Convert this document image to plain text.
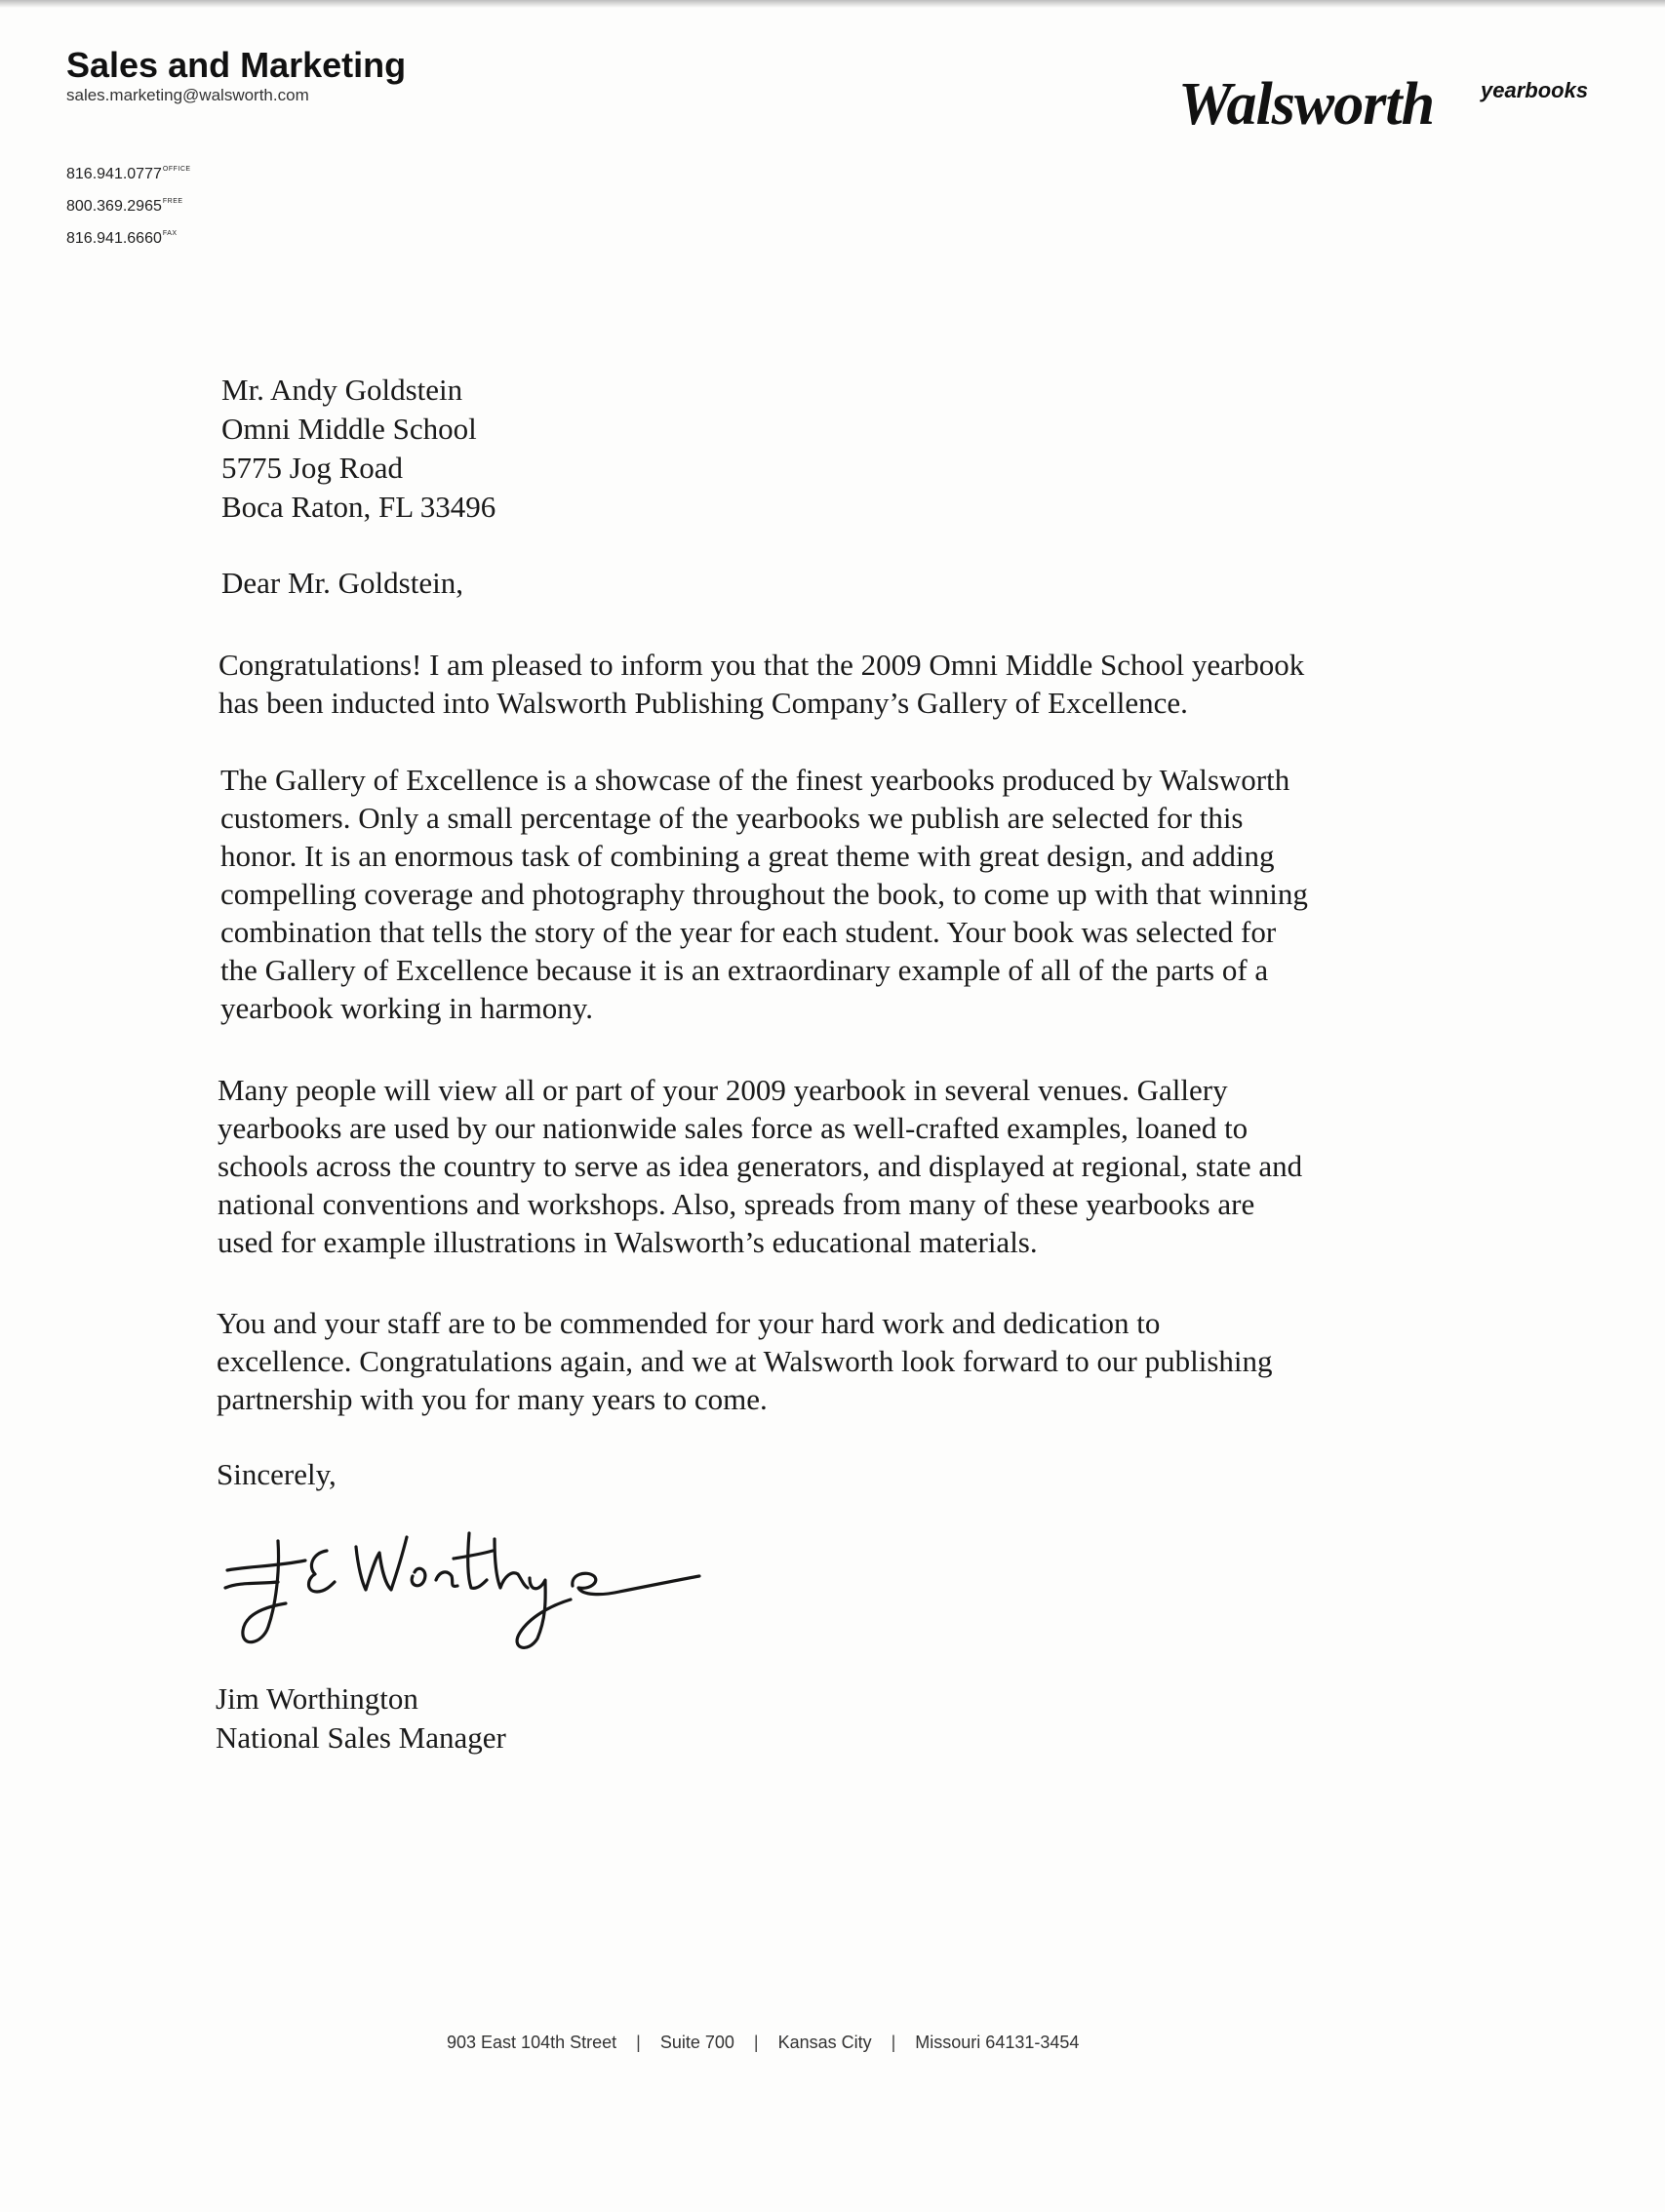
Sales and Marketing
sales.marketing@walsworth.com
$816.941.0777^{OFFICE}$
$800.369.2965^{FREE}$
$816.941.6660^{FAX}$
Walsworth yearbooks
Mr. Andy Goldstein
Omni Middle School
5775 Jog Road
Boca Raton, FL 33496
Dear Mr. Goldstein,
Congratulations! I am pleased to inform you that the 2009 Omni Middle School yearbook
has been inducted into Walsworth Publishing Company’s Gallery of Excellence.
The Gallery of Excellence is a showcase of the finest yearbooks produced by Walsworth
customers. Only a small percentage of the yearbooks we publish are selected for this
honor. It is an enormous task of combining a great theme with great design, and adding
compelling coverage and photography throughout the book, to come up with that winning
combination that tells the story of the year for each student. Your book was selected for
the Gallery of Excellence because it is an extraordinary example of all of the parts of a
yearbook working in harmony.
Many people will view all or part of your 2009 yearbook in several venues. Gallery
yearbooks are used by our nationwide sales force as well-crafted examples, loaned to
schools across the country to serve as idea generators, and displayed at regional, state and
national conventions and workshops. Also, spreads from many of these yearbooks are
used for example illustrations in Walsworth’s educational materials.
You and your staff are to be commended for your hard work and dedication to
excellence. Congratulations again, and we at Walsworth look forward to our publishing
partnership with you for many years to come.
Sincerely,
Jim Worthington
National Sales Manager
903 East 104th Street | Suite 700 | Kansas City | Missouri 64131-3454
